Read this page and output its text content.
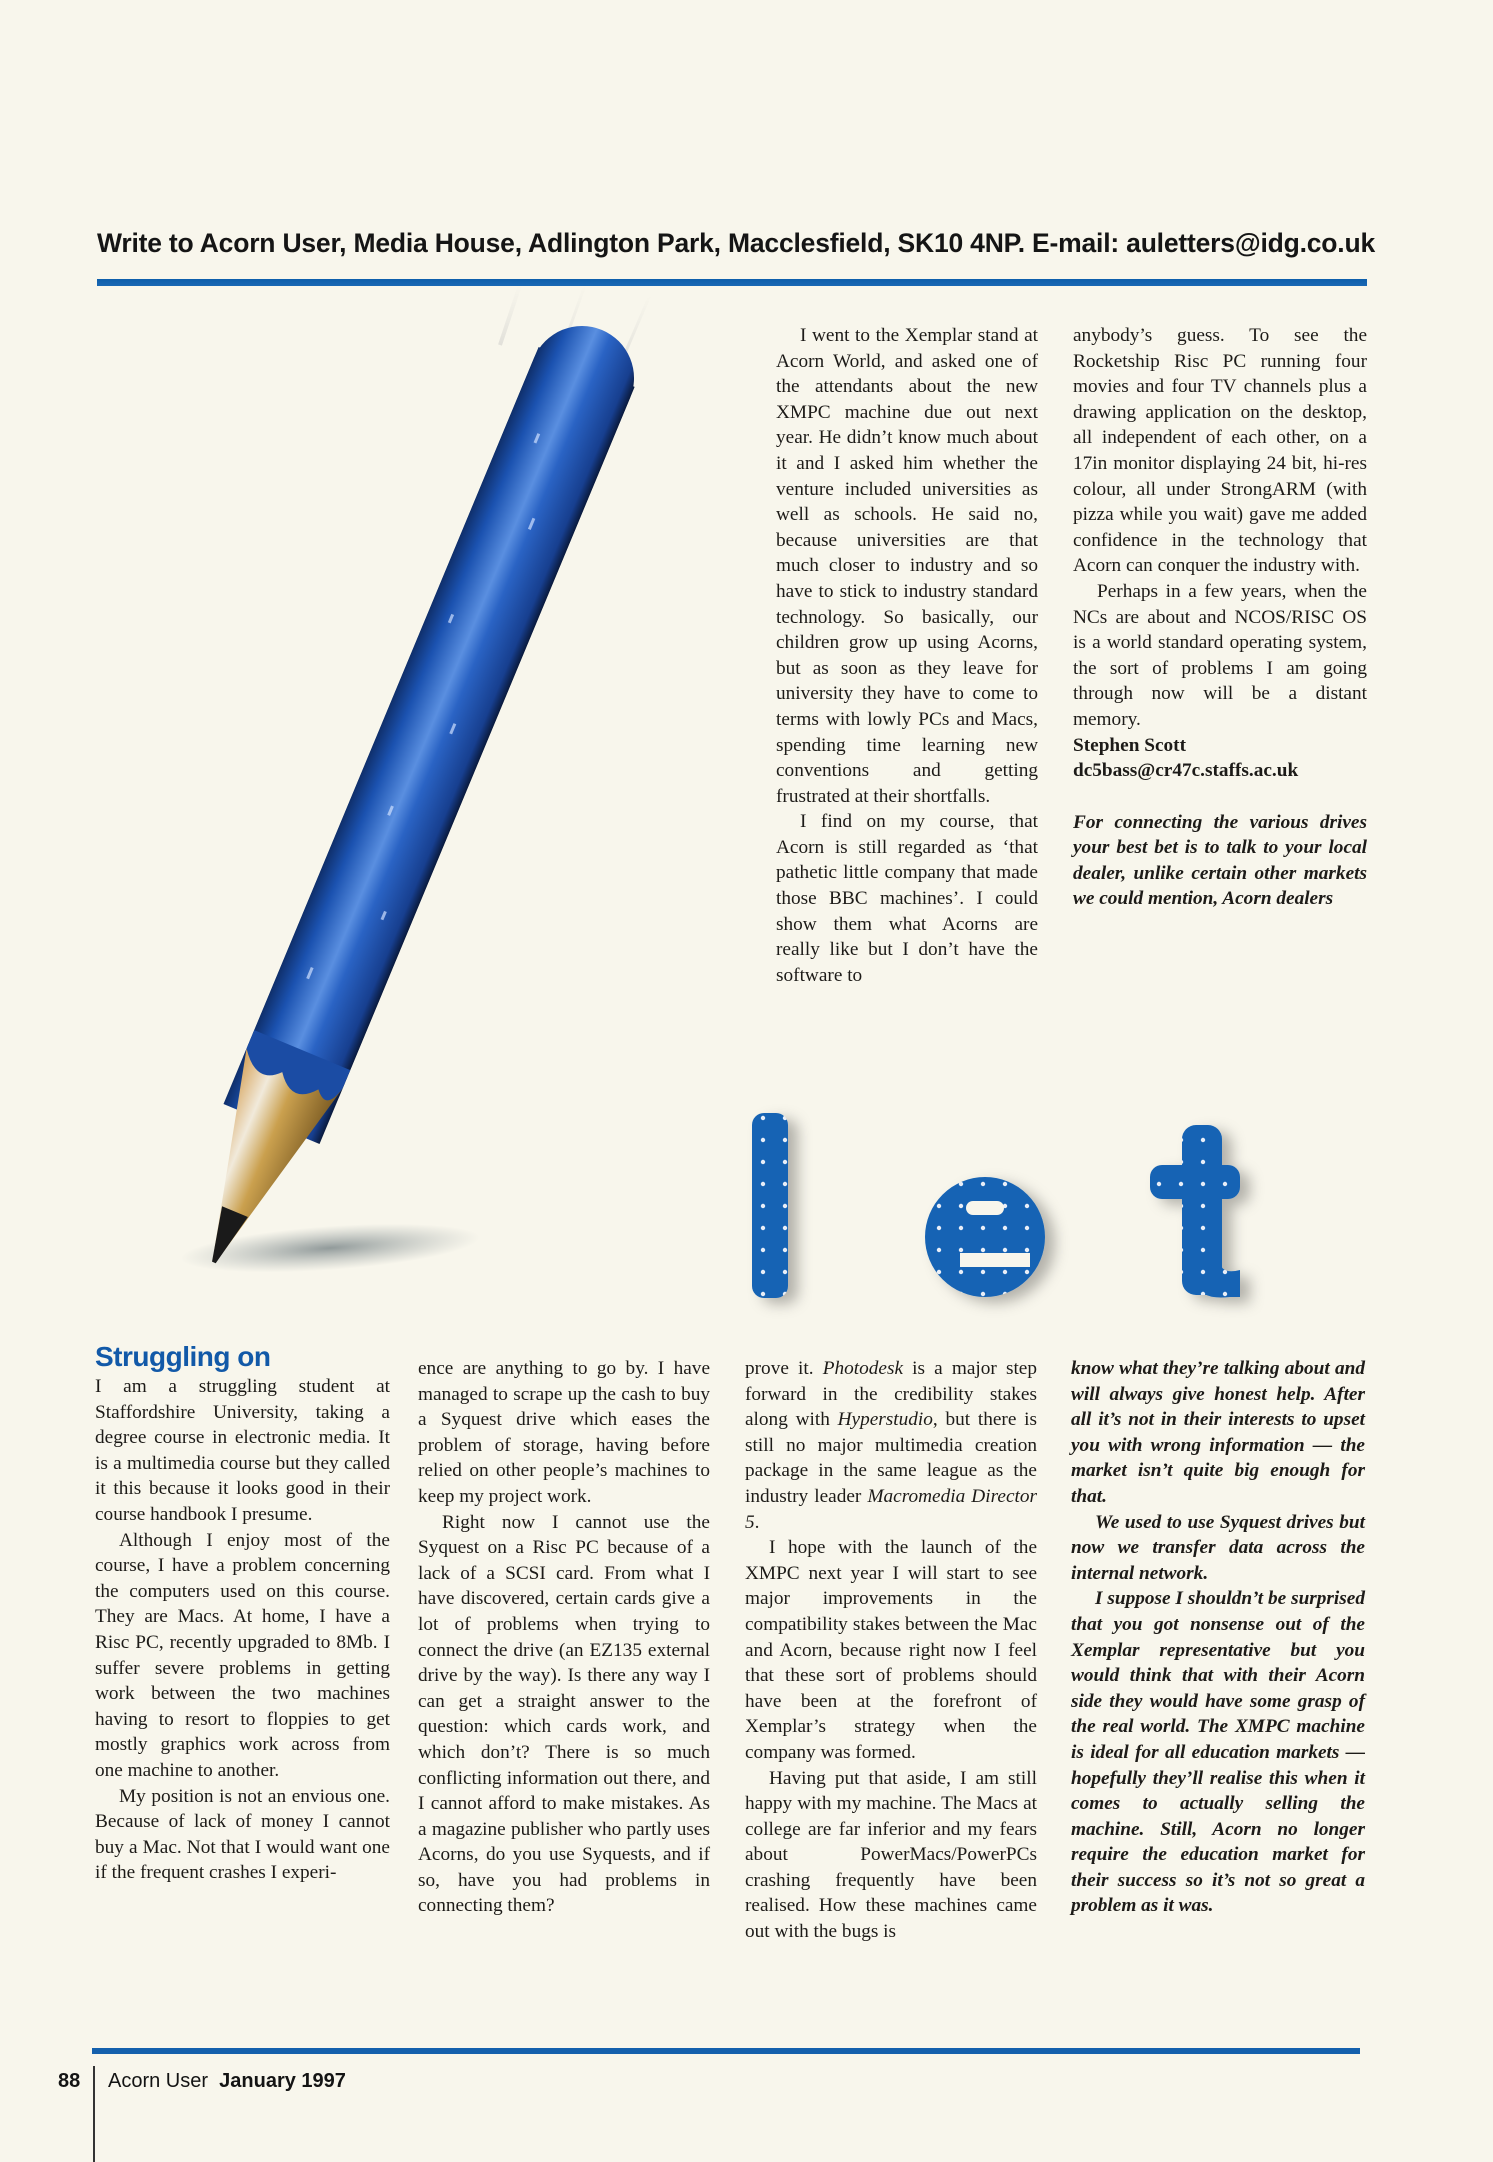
Write to Acorn User, Media House, Adlington Park, Macclesfield, SK10 4NP. E-mail: auletters@idg.co.uk

I went to the Xemplar stand at Acorn World, and asked one of the attendants about the new XMPC machine due out next year. He didn’t know much about it and I asked him whether the venture included universities as well as schools. He said no, because universities are that much closer to industry and so have to stick to industry standard technology. So basically, our children grow up using Acorns, but as soon as they leave for university they have to come to terms with lowly PCs and Macs, spending time learning new conventions and getting frustrated at their shortfalls.

I find on my course, that Acorn is still regarded as ‘that pathetic little company that made those BBC machines’. I could show them what Acorns are really like but I don’t have the software to

anybody’s guess. To see the Rocketship Risc PC running four movies and four TV channels plus a drawing application on the desktop, all independent of each other, on a 17in monitor displaying 24 bit, hi-res colour, all under StrongARM (with pizza while you wait) gave me added confidence in the technology that Acorn can conquer the industry with.

Perhaps in a few years, when the NCs are about and NCOS/RISC OS is a world standard operating system, the sort of problems I am going through now will be a distant memory.

Stephen Scott

dc5bass@cr47c.staffs.ac.uk

For connecting the various drives your best bet is to talk to your local dealer, unlike certain other markets we could mention, Acorn dealers

Struggling on

I am a struggling student at Staffordshire University, taking a degree course in electronic media. It is a multimedia course but they called it this because it looks good in their course handbook I presume.

Although I enjoy most of the course, I have a problem concerning the computers used on this course. They are Macs. At home, I have a Risc PC, recently upgraded to 8Mb. I suffer severe problems in getting work between the two machines having to resort to floppies to get mostly graphics work across from one machine to another.

My position is not an envious one. Because of lack of money I cannot buy a Mac. Not that I would want one if the frequent crashes I experi-

ence are anything to go by. I have managed to scrape up the cash to buy a Syquest drive which eases the problem of storage, having before relied on other people’s machines to keep my project work.

Right now I cannot use the Syquest on a Risc PC because of a lack of a SCSI card. From what I have discovered, certain cards give a lot of problems when trying to connect the drive (an EZ135 external drive by the way). Is there any way I can get a straight answer to the question: which cards work, and which don’t? There is so much conflicting information out there, and I cannot afford to make mistakes. As a magazine publisher who partly uses Acorns, do you use Syquests, and if so, have you had problems in connecting them?

prove it. Photodesk is a major step forward in the credibility stakes along with Hyperstudio, but there is still no major multimedia creation package in the same league as the industry leader Macromedia Director 5.

I hope with the launch of the XMPC next year I will start to see major improvements in the compatibility stakes between the Mac and Acorn, because right now I feel that these sort of problems should have been at the forefront of Xemplar’s strategy when the company was formed.

Having put that aside, I am still happy with my machine. The Macs at college are far inferior and my fears about PowerMacs/PowerPCs crashing frequently have been realised. How these machines came out with the bugs is

know what they’re talking about and will always give honest help. After all it’s not in their interests to upset you with wrong information — the market isn’t quite big enough for that.

We used to use Syquest drives but now we transfer data across the internal network.

I suppose I shouldn’t be surprised that you got nonsense out of the Xemplar representative but you would think that with their Acorn side they would have some grasp of the real world. The XMPC machine is ideal for all education markets — hopefully they’ll realise this when it comes to actually selling the machine. Still, Acorn no longer require the education market for their success so it’s not so great a problem as it was.

88 Acorn User January 1997
